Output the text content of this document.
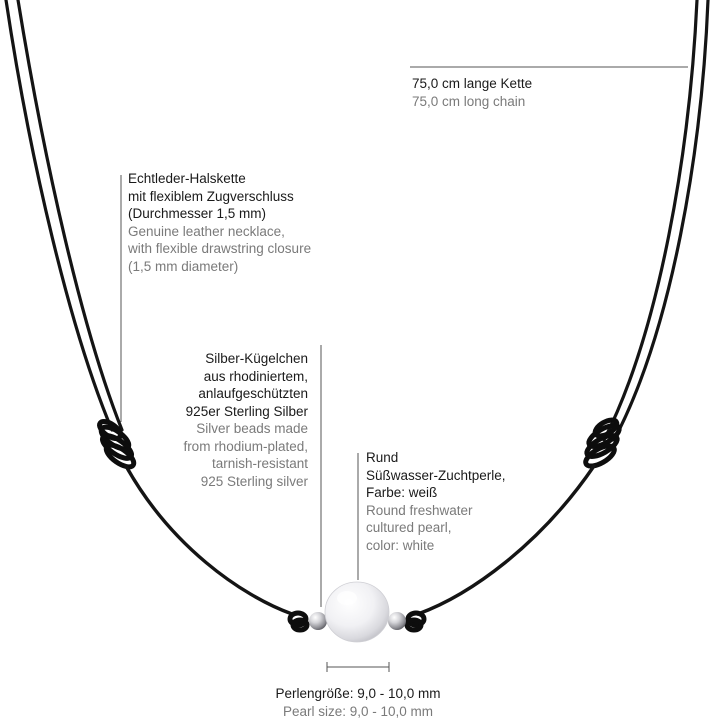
75,0 cm lange Kette
75,0 cm long chain
Echtleder-Halskette
mit flexiblem Zugverschluss
(Durchmesser 1,5 mm)
Genuine leather necklace,
with flexible drawstring closure
(1,5 mm diameter)
Silber-Kügelchen
aus rhodiniertem,
anlaufgeschützten
925er Sterling Silber
Silver beads made
from rhodium-plated,
tarnish-resistant
925 Sterling silver
Rund
Süßwasser-Zuchtperle,
Farbe: weiß
Round freshwater
cultured pearl,
color: white
Perlengröße: 9,0 - 10,0 mm
Pearl size: 9,0 - 10,0 mm
